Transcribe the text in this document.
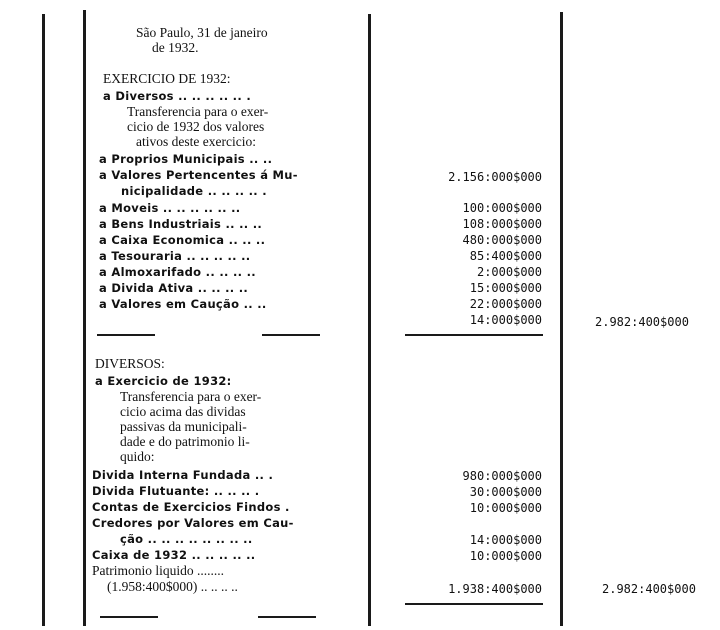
São Paulo, 31 de janeiro
de 1932.
EXERCICIO DE 1932:
a Diversos .. .. .. .. .. .
Transferencia para o exer-
cicio de 1932 dos valores
ativos deste exercicio:
a Proprios Municipais .. ..
a Valores Pertencentes á Mu-	2.156:000$000
nicipalidade .. .. .. .. .
a Moveis .. .. .. .. .. ..	100:000$000
a Bens Industriais .. .. ..	108:000$000
a Caixa Economica .. .. ..	480:000$000
a Tesouraria .. .. .. .. ..	85:400$000
a Almoxarifado .. .. .. ..	2:000$000
a Divida Ativa .. .. .. ..	15:000$000
a Valores em Caução .. ..	22:000$000
14:000$000	2.982:400$000
DIVERSOS:
a Exercicio de 1932:
Transferencia para o exer-
cicio acima das dividas
passivas da municipali-
dade e do patrimonio li-
quido:
Divida Interna Fundada .. .	980:000$000
Divida Flutuante: .. .. .. .	30:000$000
Contas de Exercicios Findos .	10:000$000
Credores por Valores em Cau-
ção .. .. .. .. .. .. .. ..	14:000$000
Caixa de 1932 .. .. .. .. ..	10:000$000
Patrimonio liquido ........
(1.958:400$000) .. .. .. ..	1.938:400$000	2.982:400$000
